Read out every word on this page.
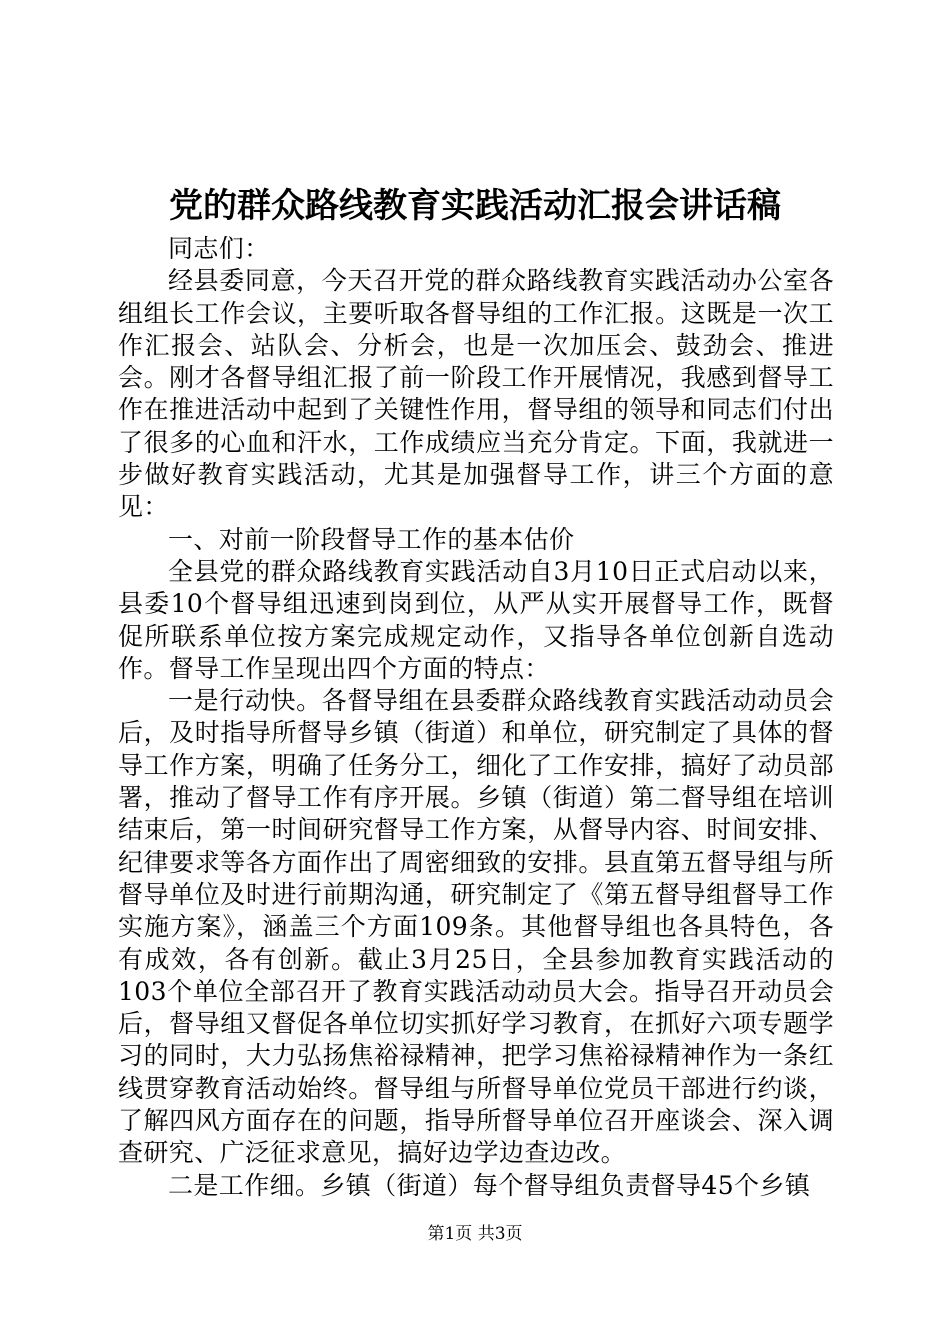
党的群众路线教育实践活动汇报会讲话稿

同志们：

经县委同意，今天召开党的群众路线教育实践活动办公室各组组长工作会议，主要听取各督导组的工作汇报。这既是一次工作汇报会、站队会、分析会，也是一次加压会、鼓劲会、推进会。刚才各督导组汇报了前一阶段工作开展情况，我感到督导工作在推进活动中起到了关键性作用，督导组的领导和同志们付出了很多的心血和汗水，工作成绩应当充分肯定。下面，我就进一步做好教育实践活动，尤其是加强督导工作，讲三个方面的意见：

一、对前一阶段督导工作的基本估价

全县党的群众路线教育实践活动自3月10日正式启动以来，县委10个督导组迅速到岗到位，从严从实开展督导工作，既督促所联系单位按方案完成规定动作，又指导各单位创新自选动作。督导工作呈现出四个方面的特点：

一是行动快。各督导组在县委群众路线教育实践活动动员会后，及时指导所督导乡镇（街道）和单位，研究制定了具体的督导工作方案，明确了任务分工，细化了工作安排，搞好了动员部署，推动了督导工作有序开展。乡镇（街道）第二督导组在培训结束后，第一时间研究督导工作方案，从督导内容、时间安排、纪律要求等各方面作出了周密细致的安排。县直第五督导组与所督导单位及时进行前期沟通，研究制定了《第五督导组督导工作实施方案》，涵盖三个方面109条。其他督导组也各具特色，各有成效，各有创新。截止3月25日，全县参加教育实践活动的103个单位全部召开了教育实践活动动员大会。指导召开动员会后，督导组又督促各单位切实抓好学习教育，在抓好六项专题学习的同时，大力弘扬焦裕禄精神，把学习焦裕禄精神作为一条红线贯穿教育活动始终。督导组与所督导单位党员干部进行约谈，了解四风方面存在的问题，指导所督导单位召开座谈会、深入调查研究、广泛征求意见，搞好边学边查边改。

二是工作细。乡镇（街道）每个督导组负责督导45个乡镇

第1页 共3页
